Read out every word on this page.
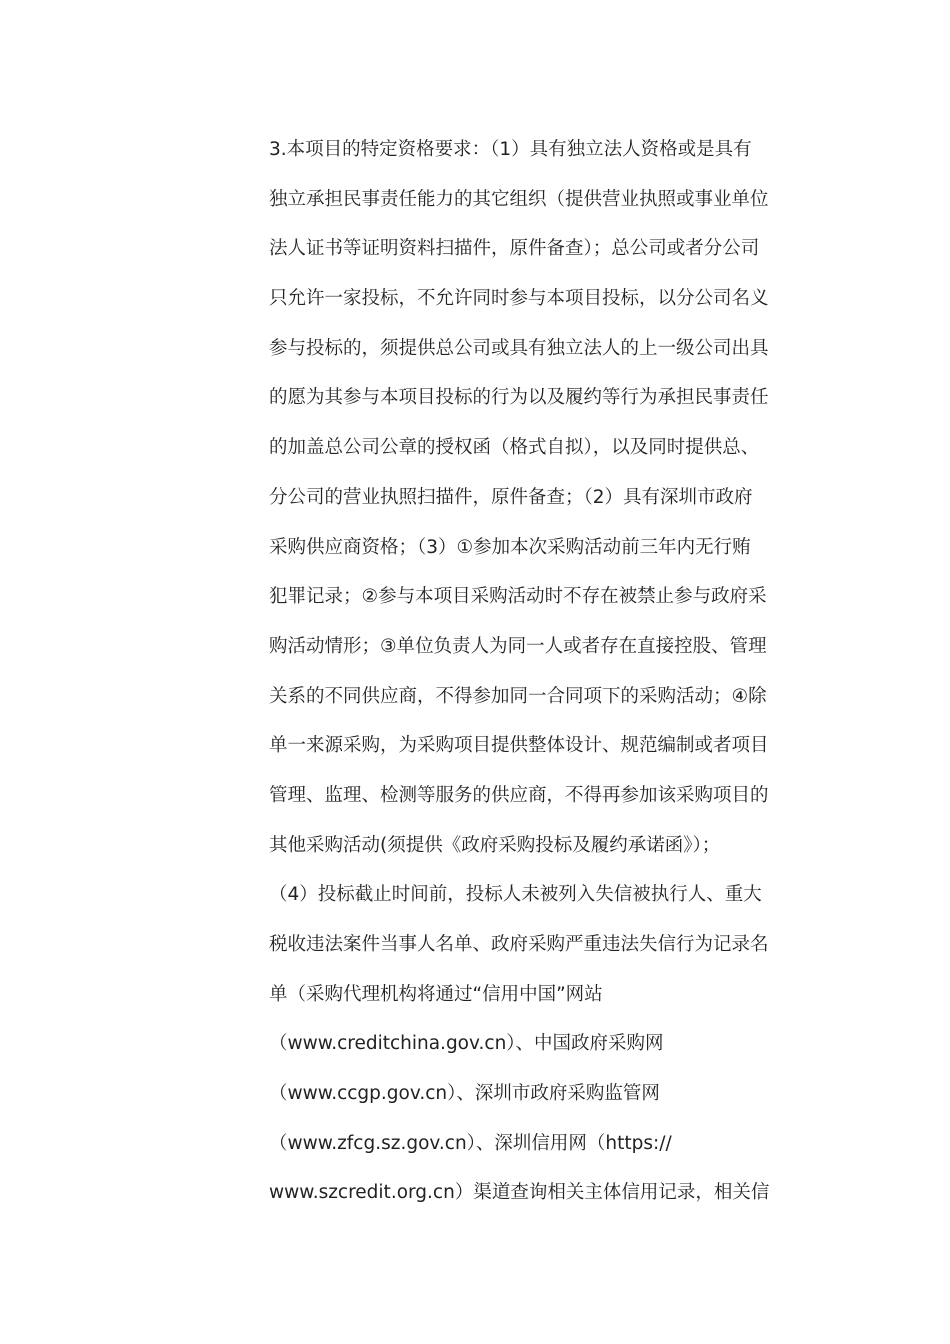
3.本项目的特定资格要求：（1）具有独立法人资格或是具有
独立承担民事责任能力的其它组织（提供营业执照或事业单位
法人证书等证明资料扫描件，原件备查）；总公司或者分公司
只允许一家投标，不允许同时参与本项目投标，以分公司名义
参与投标的，须提供总公司或具有独立法人的上一级公司出具
的愿为其参与本项目投标的行为以及履约等行为承担民事责任
的加盖总公司公章的授权函（格式自拟），以及同时提供总、
分公司的营业执照扫描件，原件备查；（2）具有深圳市政府
采购供应商资格；（3）①参加本次采购活动前三年内无行贿
犯罪记录；②参与本项目采购活动时不存在被禁止参与政府采
购活动情形；③单位负责人为同一人或者存在直接控股、管理
关系的不同供应商，不得参加同一合同项下的采购活动；④除
单一来源采购，为采购项目提供整体设计、规范编制或者项目
管理、监理、检测等服务的供应商，不得再参加该采购项目的
其他采购活动(须提供《政府采购投标及履约承诺函》）；
（4）投标截止时间前，投标人未被列入失信被执行人、重大
税收违法案件当事人名单、政府采购严重违法失信行为记录名
单（采购代理机构将通过“信用中国”网站
（www.creditchina.gov.cn）、中国政府采购网
（www.ccgp.gov.cn）、深圳市政府采购监管网
（www.zfcg.sz.gov.cn）、深圳信用网（https://
www.szcredit.org.cn）渠道查询相关主体信用记录，相关信
